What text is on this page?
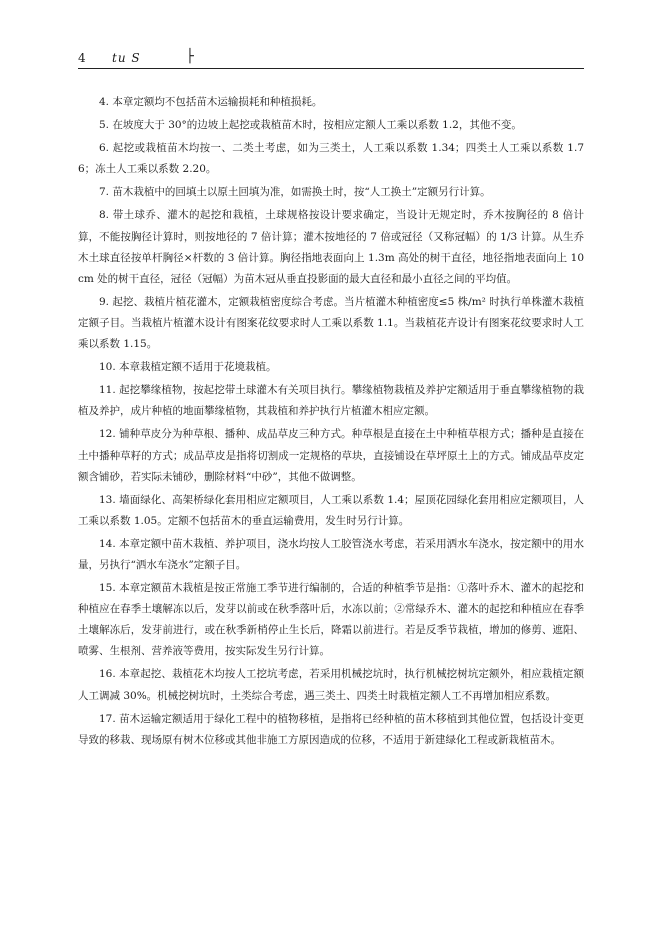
4 tu S	├

4. 本章定额均不包括苗木运输损耗和种植损耗。

5. 在坡度大于 30°的边坡上起挖或栽植苗木时，按相应定额人工乘以系数 1.2，其他不变。

6. 起挖或栽植苗木均按一、二类土考虑，如为三类土，人工乘以系数 1.34；四类土人工乘以系数 1.76；冻土人工乘以系数 2.20。

7. 苗木栽植中的回填土以原土回填为准，如需换土时，按“人工换土”定额另行计算。

8. 带土球乔、灌木的起挖和栽植，土球规格按设计要求确定，当设计无规定时，乔木按胸径的 8 倍计算，不能按胸径计算时，则按地径的 7 倍计算；灌木按地径的 7 倍或冠径（又称冠幅）的 1/3 计算。从生乔木土球直径按单杆胸径×杆数的 3 倍计算。胸径指地表面向上 1.3m 高处的树干直径，地径指地表面向上 10cm 处的树干直径，冠径（冠幅）为苗木冠从垂直投影面的最大直径和最小直径之间的平均值。

9. 起挖、栽植片植花灌木，定额栽植密度综合考虑。当片植灌木种植密度≤5 株/m² 时执行单株灌木栽植定额子目。当栽植片植灌木设计有图案花纹要求时人工乘以系数 1.1。当栽植花卉设计有图案花纹要求时人工乘以系数 1.15。

10. 本章栽植定额不适用于花境栽植。

11. 起挖攀缘植物，按起挖带土球灌木有关项目执行。攀缘植物栽植及养护定额适用于垂直攀缘植物的栽植及养护，成片种植的地面攀缘植物，其栽植和养护执行片植灌木相应定额。

12. 铺种草皮分为种草根、播种、成品草皮三种方式。种草根是直接在土中种植草根方式；播种是直接在土中播种草籽的方式；成品草皮是指将切割成一定规格的草块，直接铺设在草坪原土上的方式。铺成品草皮定额含铺砂，若实际未铺砂，删除材料“中砂”，其他不做调整。

13. 墙面绿化、高架桥绿化套用相应定额项目，人工乘以系数 1.4；屋顶花园绿化套用相应定额项目，人工乘以系数 1.05。定额不包括苗木的垂直运输费用，发生时另行计算。

14. 本章定额中苗木栽植、养护项目，浇水均按人工胶管浇水考虑，若采用洒水车浇水，按定额中的用水量，另执行“洒水车浇水”定额子目。

15. 本章定额苗木栽植是按正常施工季节进行编制的，合适的种植季节是指：①落叶乔木、灌木的起挖和种植应在春季土壤解冻以后，发芽以前或在秋季落叶后，水冻以前；②常绿乔木、灌木的起挖和种植应在春季土壤解冻后，发芽前进行，或在秋季新梢停止生长后，降霜以前进行。若是反季节栽植，增加的修剪、遮阳、喷雾、生根剂、营养液等费用，按实际发生另行计算。

16. 本章起挖、栽植花木均按人工挖坑考虑，若采用机械挖坑时，执行机械挖树坑定额外，相应栽植定额人工调减 30%。机械挖树坑时，土类综合考虑，遇三类土、四类土时栽植定额人工不再增加相应系数。

17. 苗木运输定额适用于绿化工程中的植物移植，是指将已经种植的苗木移植到其他位置，包括设计变更导致的移栽、现场原有树木位移或其他非施工方原因造成的位移，不适用于新建绿化工程或新栽植苗木。
